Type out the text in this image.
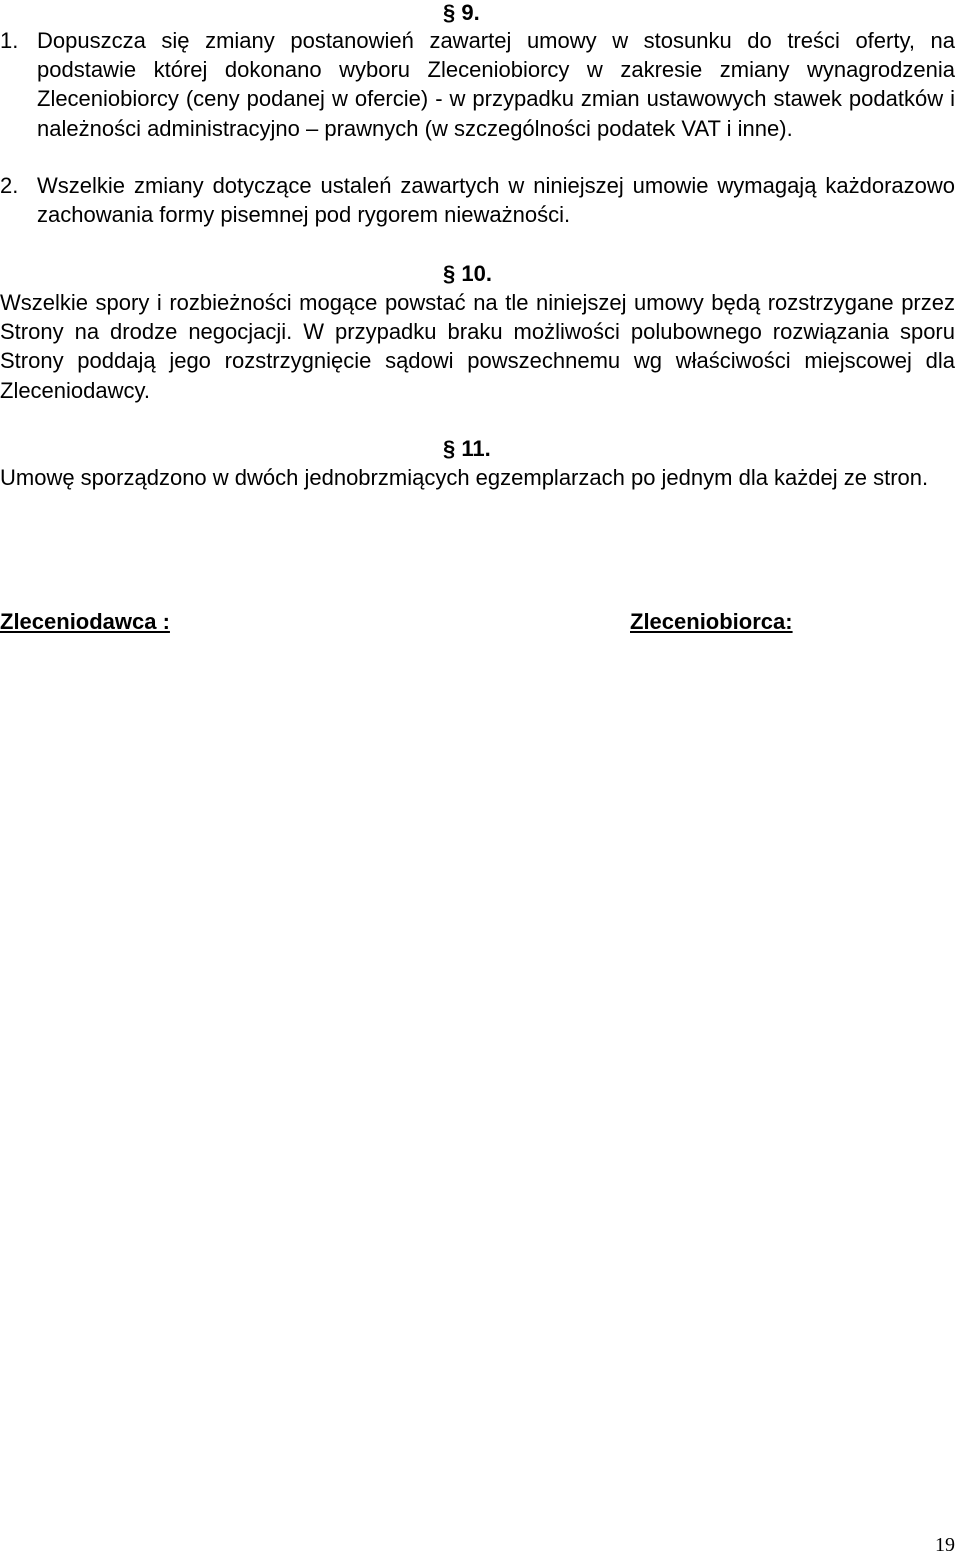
§ 9.
1. Dopuszcza się zmiany postanowień zawartej umowy w stosunku do treści oferty, na podstawie której dokonano wyboru Zleceniobiorcy w zakresie zmiany wynagrodzenia Zleceniobiorcy (ceny podanej w ofercie) - w przypadku zmian ustawowych stawek podatków i należności administracyjno – prawnych (w szczególności podatek VAT i inne).
2. Wszelkie zmiany dotyczące ustaleń zawartych w niniejszej umowie wymagają każdorazowo zachowania formy pisemnej pod rygorem nieważności.
§ 10.
Wszelkie spory i rozbieżności mogące powstać na tle niniejszej umowy będą rozstrzygane przez Strony na drodze negocjacji. W przypadku braku możliwości polubownego rozwiązania sporu Strony poddają jego rozstrzygnięcie sądowi powszechnemu wg właściwości miejscowej dla Zleceniodawcy.
§ 11.
Umowę sporządzono w dwóch jednobrzmiących egzemplarzach po jednym dla każdej ze stron.
Zleceniodawca :	Zleceniobiorca:
19
